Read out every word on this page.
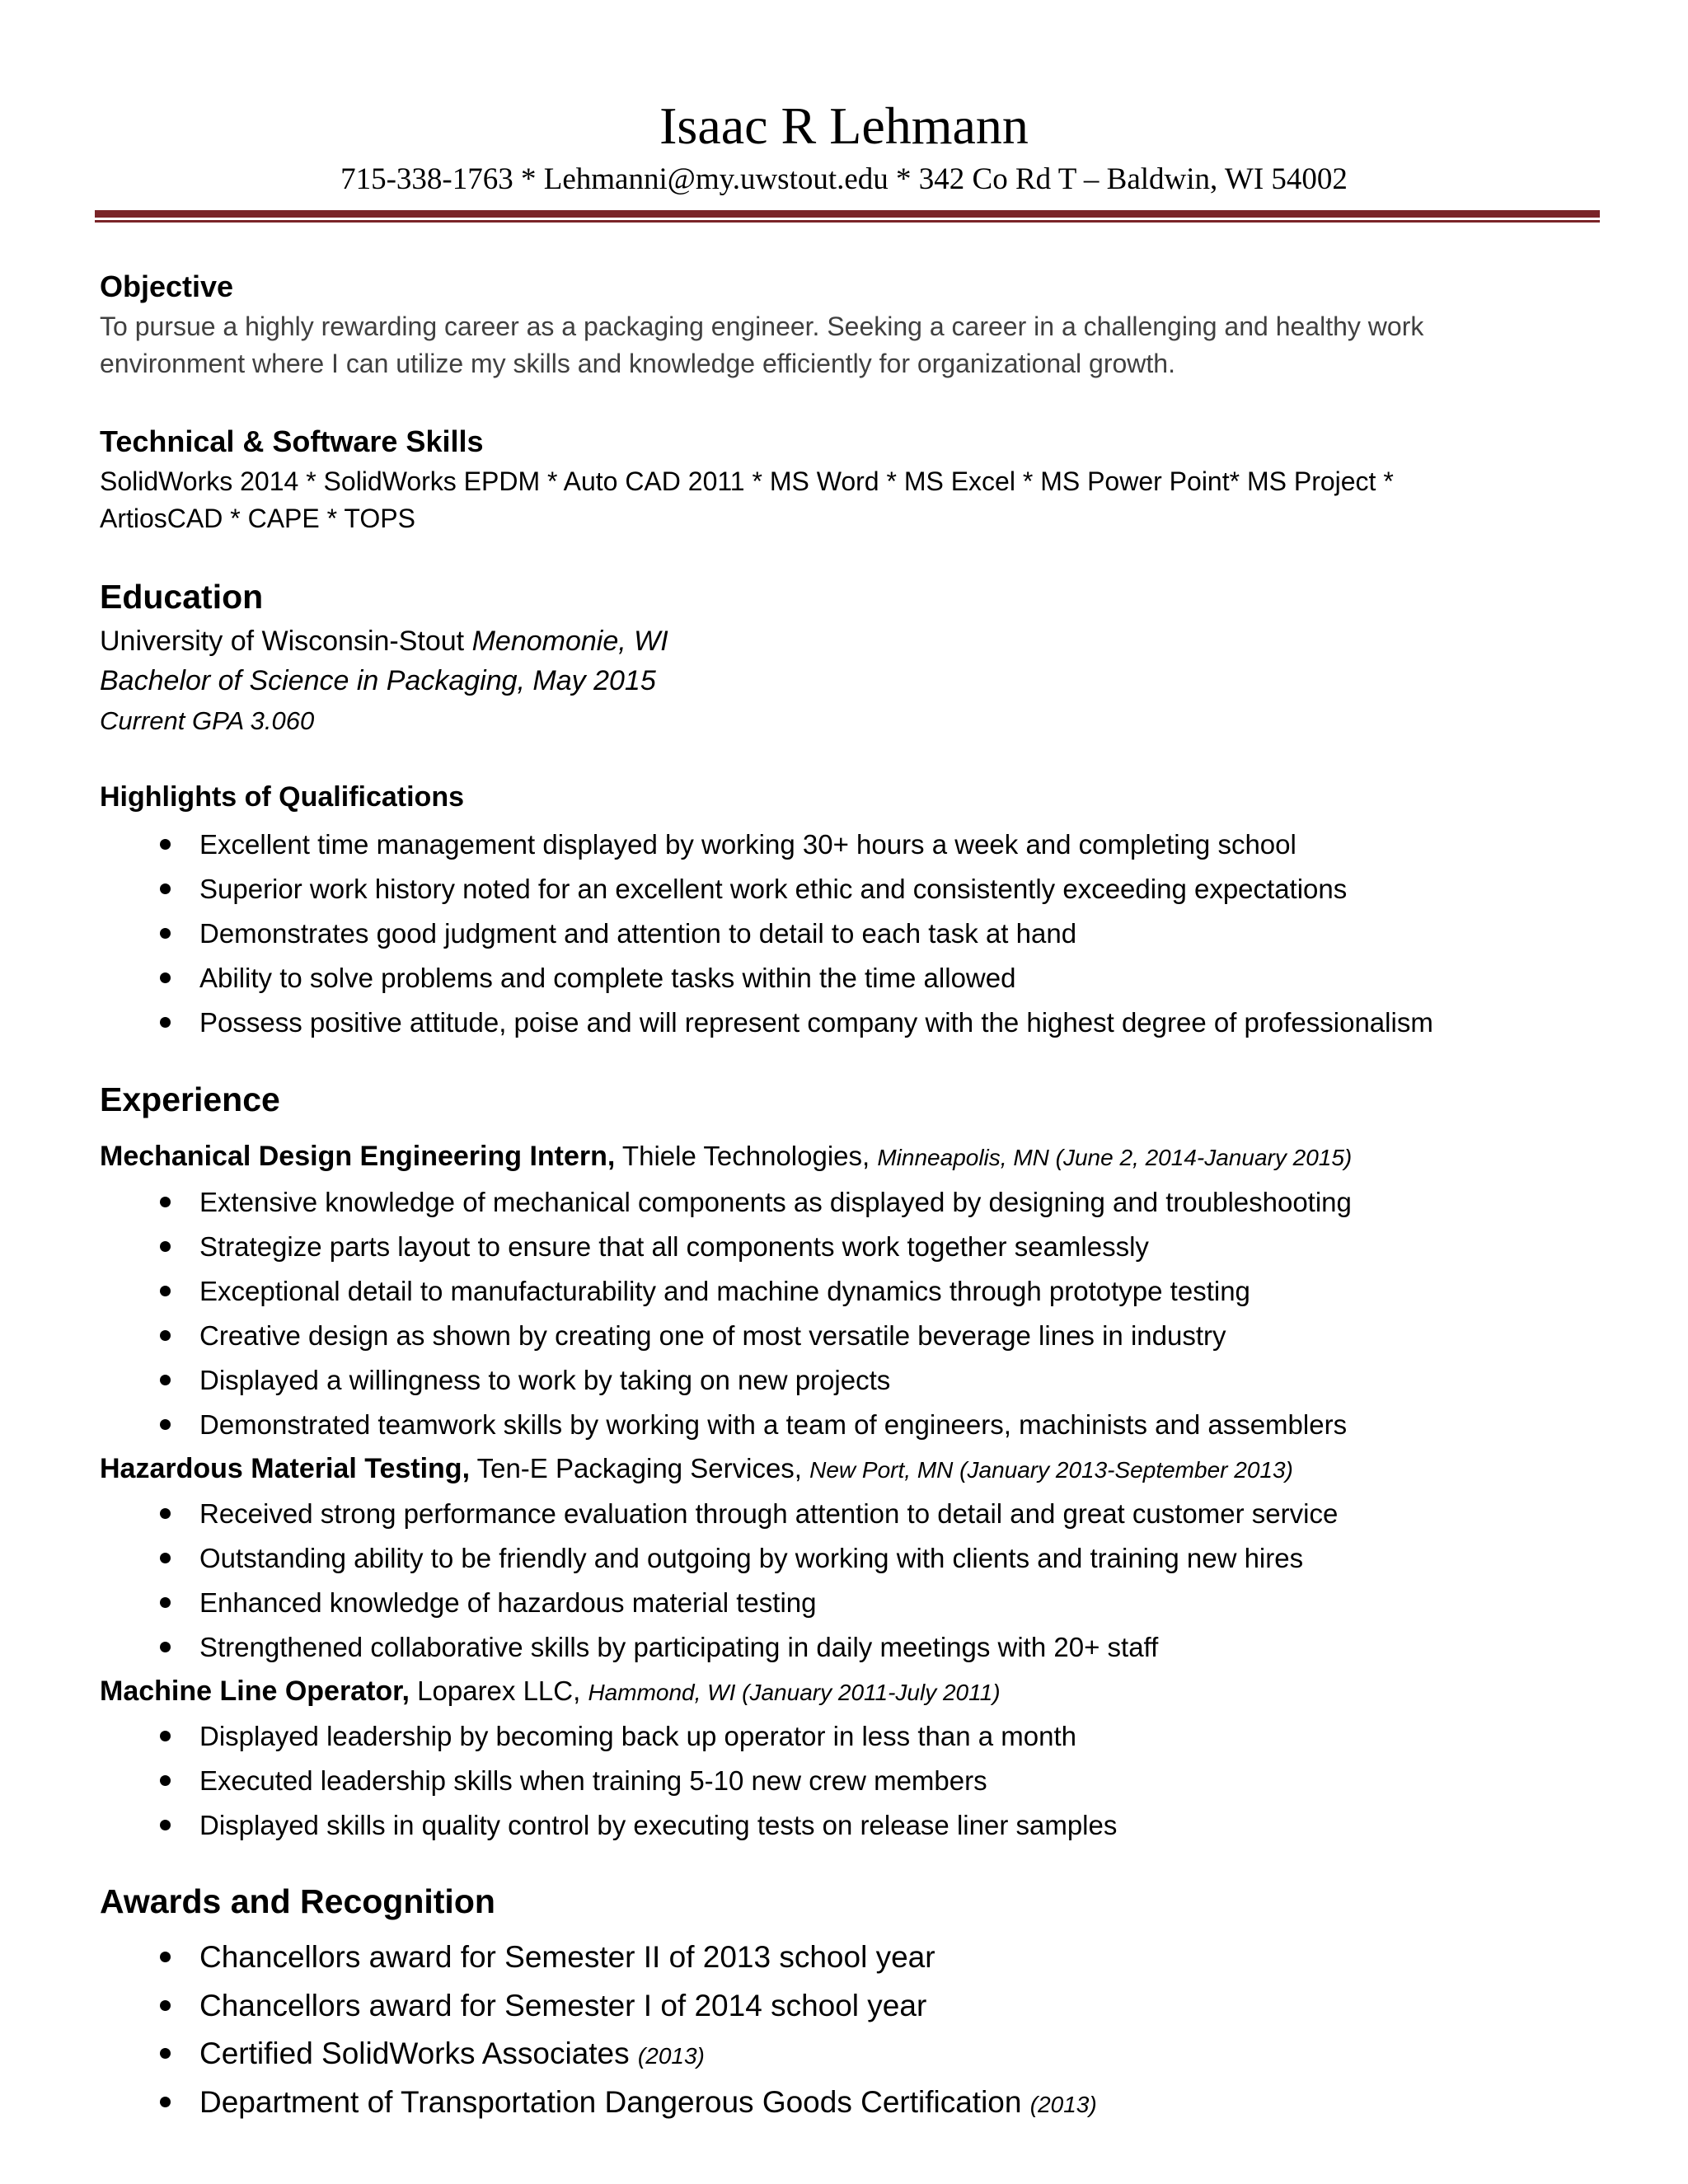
Isaac R Lehmann
715-338-1763 * Lehmanni@my.uwstout.edu * 342 Co Rd T – Baldwin, WI 54002
Objective
To pursue a highly rewarding career as a packaging engineer. Seeking a career in a challenging and healthy work
environment where I can utilize my skills and knowledge efficiently for organizational growth.
Technical & Software Skills
SolidWorks 2014 * SolidWorks EPDM * Auto CAD 2011 * MS Word * MS Excel * MS Power Point* MS Project *
ArtiosCAD * CAPE * TOPS
Education
University of Wisconsin-Stout Menomonie, WI
Bachelor of Science in Packaging, May 2015
Current GPA 3.060
Highlights of Qualifications
Excellent time management displayed by working 30+ hours a week and completing school
Superior work history noted for an excellent work ethic and consistently exceeding expectations
Demonstrates good judgment and attention to detail to each task at hand
Ability to solve problems and complete tasks within the time allowed
Possess positive attitude, poise and will represent company with the highest degree of professionalism
Experience
Mechanical Design Engineering Intern, Thiele Technologies, Minneapolis, MN (June 2, 2014-January 2015)
Extensive knowledge of mechanical components as displayed by designing and troubleshooting
Strategize parts layout to ensure that all components work together seamlessly
Exceptional detail to manufacturability and machine dynamics through prototype testing
Creative design as shown by creating one of most versatile beverage lines in industry
Displayed a willingness to work by taking on new projects
Demonstrated teamwork skills by working with a team of engineers, machinists and assemblers
Hazardous Material Testing, Ten-E Packaging Services, New Port, MN (January 2013-September 2013)
Received strong performance evaluation through attention to detail and great customer service
Outstanding ability to be friendly and outgoing by working with clients and training new hires
Enhanced knowledge of hazardous material testing
Strengthened collaborative skills by participating in daily meetings with 20+ staff
Machine Line Operator, Loparex LLC, Hammond, WI (January 2011-July 2011)
Displayed leadership by becoming back up operator in less than a month
Executed leadership skills when training 5-10 new crew members
Displayed skills in quality control by executing tests on release liner samples
Awards and Recognition
Chancellors award for Semester II of 2013 school year
Chancellors award for Semester I of 2014 school year
Certified SolidWorks Associates (2013)
Department of Transportation Dangerous Goods Certification (2013)
